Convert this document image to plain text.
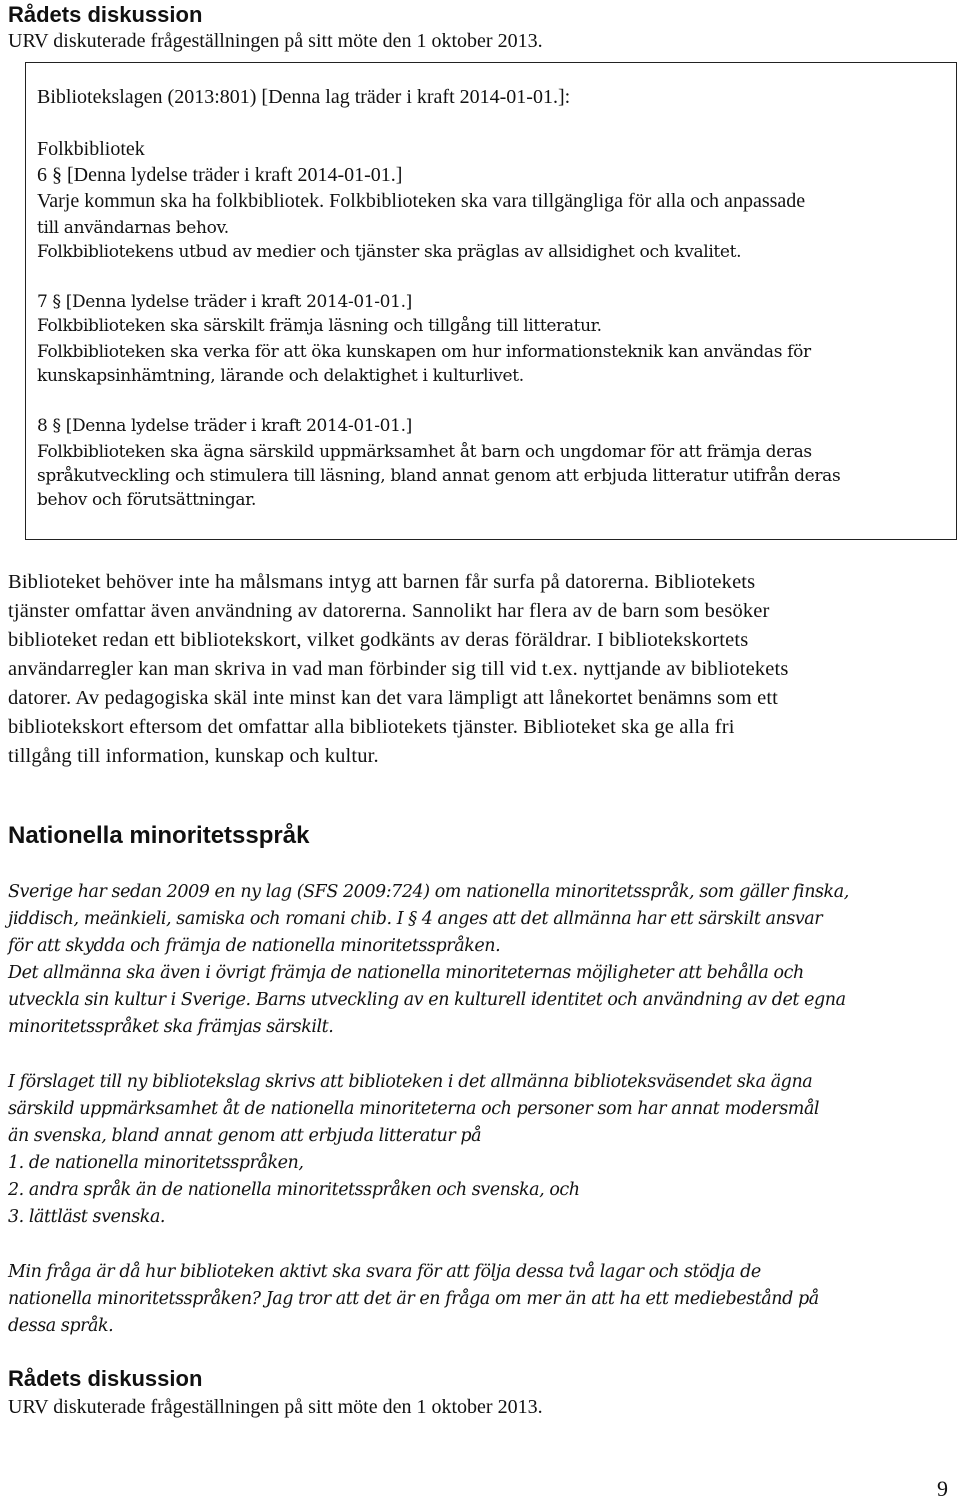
Rådets diskussion
URV diskuterade frågeställningen på sitt möte den 1 oktober 2013.
Bibliotekslagen (2013:801) [Denna lag träder i kraft 2014-01-01.]:
Folkbibliotek
6 § [Denna lydelse träder i kraft 2014-01-01.]
Varje kommun ska ha folkbibliotek. Folkbiblioteken ska vara tillgängliga för alla och anpassade
till användarnas behov.
Folkbibliotekens utbud av medier och tjänster ska präglas av allsidighet och kvalitet.
7 § [Denna lydelse träder i kraft 2014-01-01.]
Folkbiblioteken ska särskilt främja läsning och tillgång till litteratur.
Folkbiblioteken ska verka för att öka kunskapen om hur informationsteknik kan användas för
kunskapsinhämtning, lärande och delaktighet i kulturlivet.
8 § [Denna lydelse träder i kraft 2014-01-01.]
Folkbiblioteken ska ägna särskild uppmärksamhet åt barn och ungdomar för att främja deras
språkutveckling och stimulera till läsning, bland annat genom att erbjuda litteratur utifrån deras
behov och förutsättningar.
Biblioteket behöver inte ha målsmans intyg att barnen får surfa på datorerna. Bibliotekets
tjänster omfattar även användning av datorerna. Sannolikt har flera av de barn som besöker
biblioteket redan ett bibliotekskort, vilket godkänts av deras föräldrar. I bibliotekskortets
användarregler kan man skriva in vad man förbinder sig till vid t.ex. nyttjande av bibliotekets
datorer. Av pedagogiska skäl inte minst kan det vara lämpligt att lånekortet benämns som ett
bibliotekskort eftersom det omfattar alla bibliotekets tjänster. Biblioteket ska ge alla fri
tillgång till information, kunskap och kultur.
Nationella minoritetsspråk
Sverige har sedan 2009 en ny lag (SFS 2009:724) om nationella minoritetsspråk, som gäller finska,
jiddisch, meänkieli, samiska och romani chib. I § 4 anges att det allmänna har ett särskilt ansvar
för att skydda och främja de nationella minoritetsspråken.
Det allmänna ska även i övrigt främja de nationella minoriteternas möjligheter att behålla och
utveckla sin kultur i Sverige. Barns utveckling av en kulturell identitet och användning av det egna
minoritetsspråket ska främjas särskilt.
I förslaget till ny bibliotekslag skrivs att biblioteken i det allmänna biblioteksväsendet ska ägna
särskild uppmärksamhet åt de nationella minoriteterna och personer som har annat modersmål
än svenska, bland annat genom att erbjuda litteratur på
1. de nationella minoritetsspråken,
2. andra språk än de nationella minoritetsspråken och svenska, och
3. lättläst svenska.
Min fråga är då hur biblioteken aktivt ska svara för att följa dessa två lagar och stödja de
nationella minoritetsspråken? Jag tror att det är en fråga om mer än att ha ett mediebestånd på
dessa språk.
Rådets diskussion
URV diskuterade frågeställningen på sitt möte den 1 oktober 2013.
9
